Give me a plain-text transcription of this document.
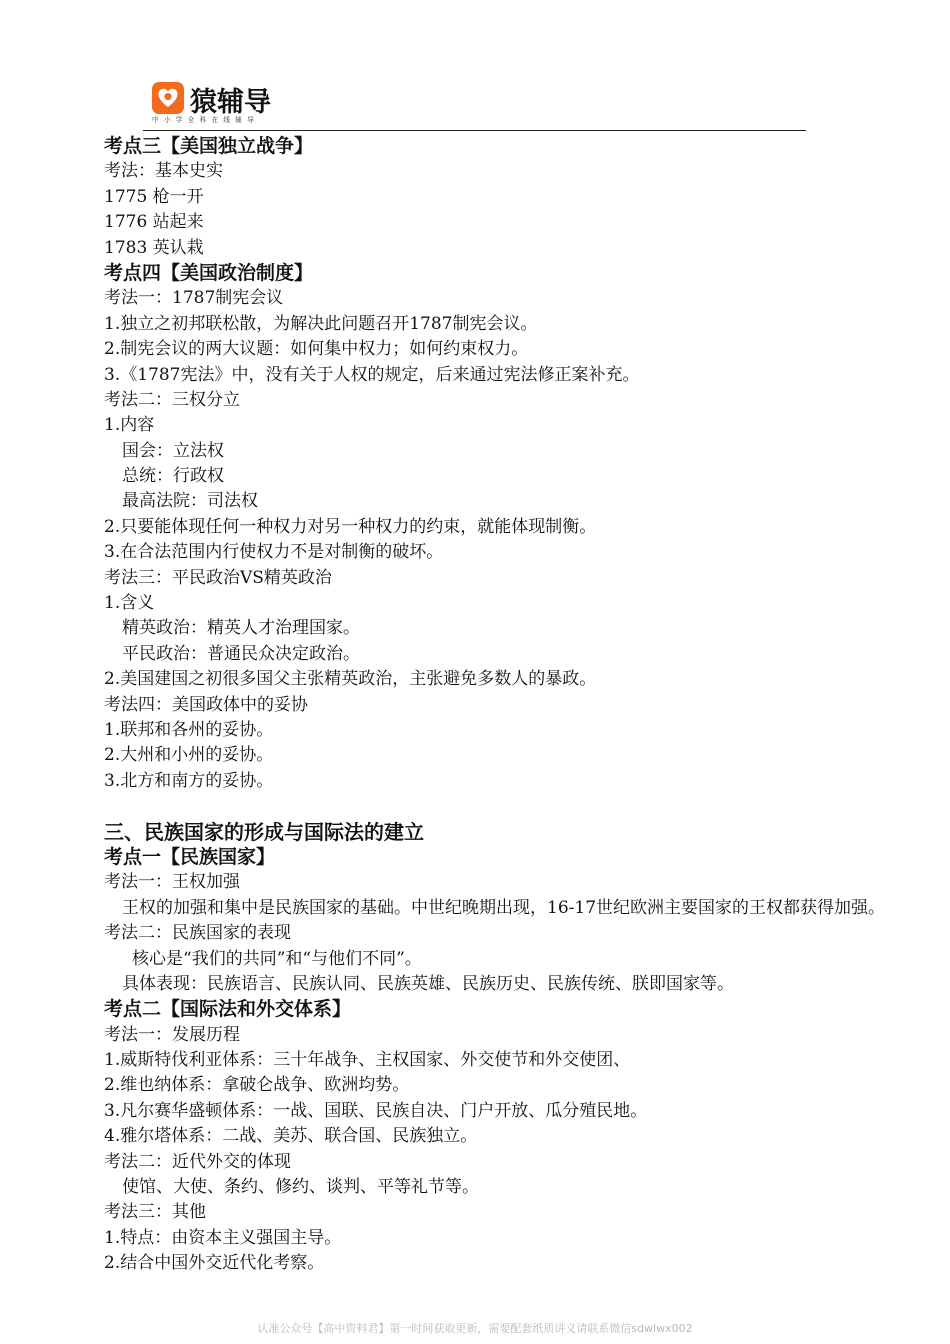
猿辅导
中小学全科在线辅导
考点三【美国独立战争】
考法：基本史实
1775 枪一开
1776 站起来
1783 英认栽
考点四【美国政治制度】
考法一：1787制宪会议
1.独立之初邦联松散，为解决此问题召开1787制宪会议。
2.制宪会议的两大议题：如何集中权力；如何约束权力。
3.《1787宪法》中，没有关于人权的规定，后来通过宪法修正案补充。
考法二：三权分立
1.内容
国会：立法权
总统：行政权
最高法院：司法权
2.只要能体现任何一种权力对另一种权力的约束，就能体现制衡。
3.在合法范围内行使权力不是对制衡的破坏。
考法三：平民政治VS精英政治
1.含义
精英政治：精英人才治理国家。
平民政治：普通民众决定政治。
2.美国建国之初很多国父主张精英政治，主张避免多数人的暴政。
考法四：美国政体中的妥协
1.联邦和各州的妥协。
2.大州和小州的妥协。
3.北方和南方的妥协。
三、民族国家的形成与国际法的建立
考点一【民族国家】
考法一：王权加强
王权的加强和集中是民族国家的基础。中世纪晚期出现，16-17世纪欧洲主要国家的王权都获得加强。
考法二：民族国家的表现
核心是“我们的共同”和“与他们不同”。
具体表现：民族语言、民族认同、民族英雄、民族历史、民族传统、朕即国家等。
考点二【国际法和外交体系】
考法一：发展历程
1.威斯特伐利亚体系：三十年战争、主权国家、外交使节和外交使团、
2.维也纳体系：拿破仑战争、欧洲均势。
3.凡尔赛华盛顿体系：一战、国联、民族自决、门户开放、瓜分殖民地。
4.雅尔塔体系：二战、美苏、联合国、民族独立。
考法二：近代外交的体现
使馆、大使、条约、修约、谈判、平等礼节等。
考法三：其他
1.特点：由资本主义强国主导。
2.结合中国外交近代化考察。
认准公众号【高中资料君】第一时间获取更新，需要配套纸质讲义请联系微信sdwlwx002
